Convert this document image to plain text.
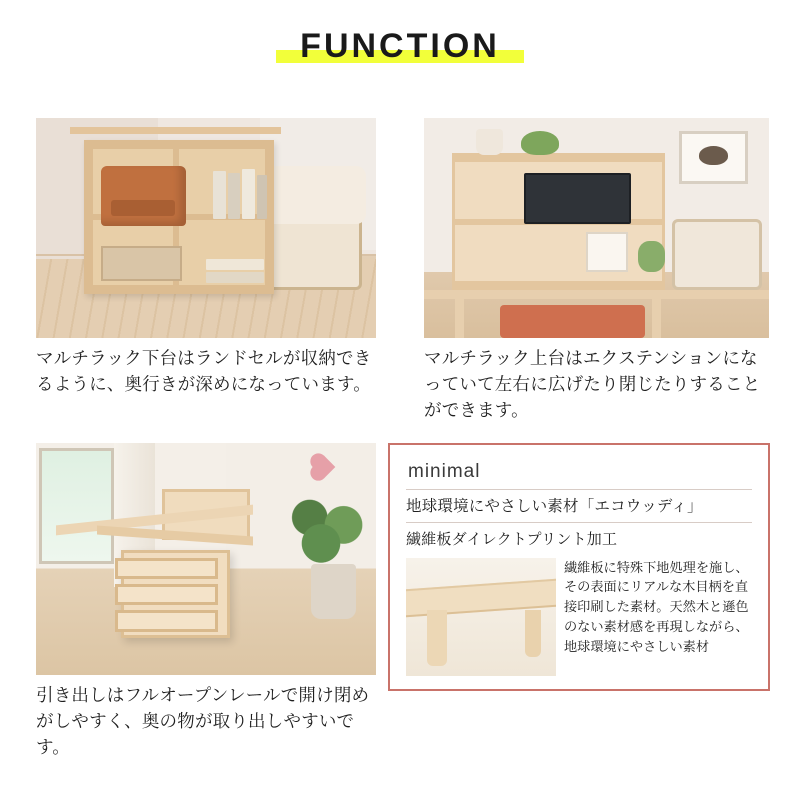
FUNCTION
マルチラック下台はランドセルが収納できるように、奥行きが深めになっています。
マルチラック上台はエクステンションになっていて左右に広げたり閉じたりすることができます。
引き出しはフルオープンレールで開け閉めがしやすく、奥の物が取り出しやすいです。
minimal
地球環境にやさしい素材「エコウッディ」
繊維板ダイレクトプリント加工
繊維板に特殊下地処理を施し、その表面にリアルな木目柄を直接印刷した素材。天然木と遜色のない素材感を再現しながら、地球環境にやさしい素材
